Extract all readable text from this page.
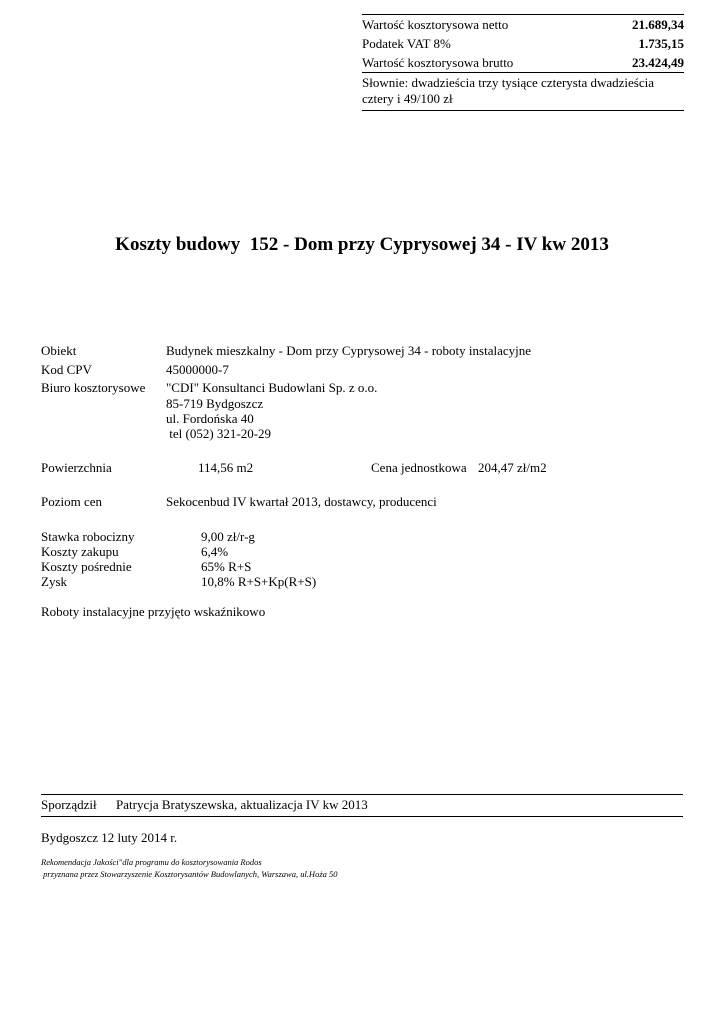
Wartość kosztorysowa netto	21.689,34
Podatek VAT 8%	1.735,15
Wartość kosztorysowa brutto	23.424,49
Słownie: dwadzieścia trzy tysiące czterysta dwadzieścia cztery i 49/100 zł
Koszty budowy  152 - Dom przy Cyprysowej 34 - IV kw 2013
Obiekt	Budynek mieszkalny - Dom przy Cyprysowej 34 - roboty instalacyjne
Kod CPV	45000000-7
Biuro kosztorysowe "CDI" Konsultanci Budowlani Sp. z o.o.
85-719 Bydgoszcz
ul. Fordońska 40
tel (052) 321-20-29
Powierzchnia	114,56 m2	Cena jednostkowa 204,47 zł/m2
Poziom cen	Sekocenbud IV kwartał 2013, dostawcy, producenci
Stawka robocizny	9,00 zł/r-g
Koszty zakupu	6,4%
Koszty pośrednie	65% R+S
Zysk	10,8% R+S+Kp(R+S)
Roboty instalacyjne przyjęto wskaźnikowo
Sporządził Patrycja Bratyszewska, aktualizacja IV kw 2013
Bydgoszcz 12 luty 2014 r.
Rekomendacja Jakości"dla programu do kosztorysowania Rodos
przyznana przez Stowarzyszenie Kosztorysantów Budowlanych, Warszawa, ul.Hoża 50
